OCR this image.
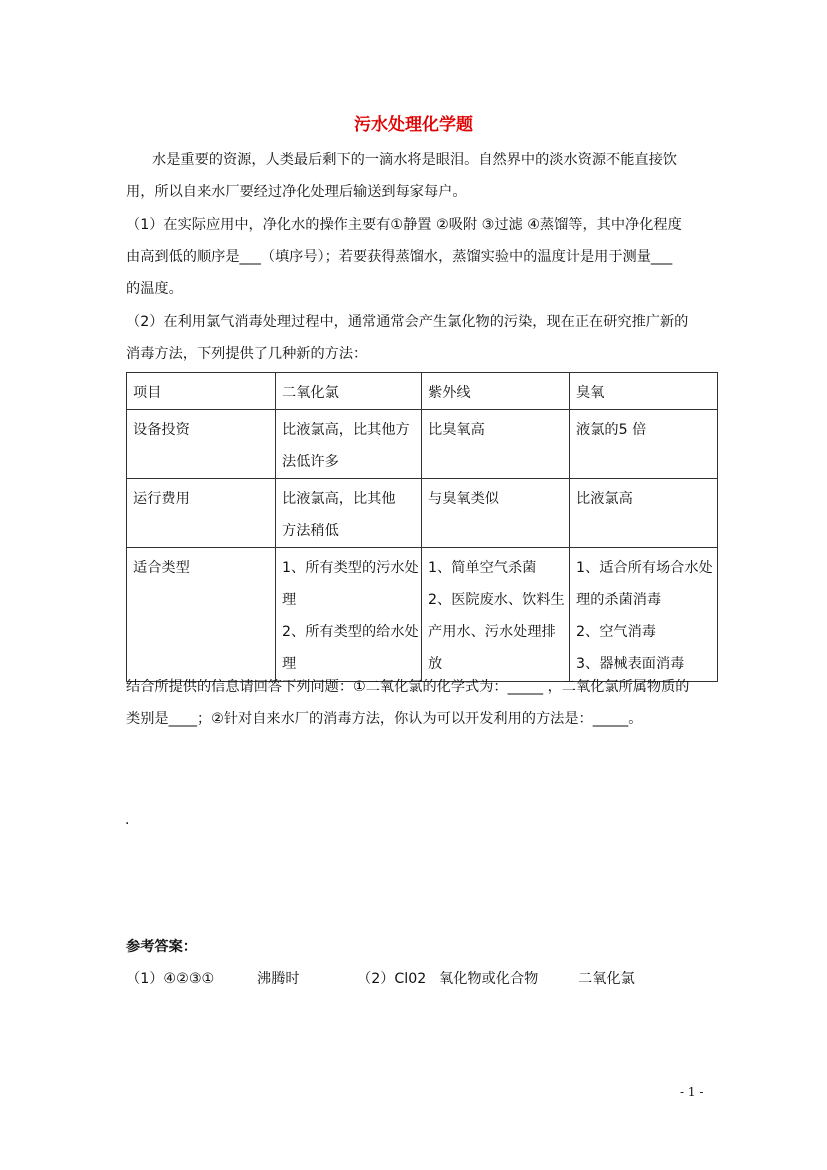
污水处理化学题
水是重要的资源，人类最后剩下的一滴水将是眼泪。自然界中的淡水资源不能直接饮
用，所以自来水厂要经过净化处理后输送到每家每户。
（1）在实际应用中，净化水的操作主要有①静置 ②吸附 ③过滤 ④蒸馏等，其中净化程度
由高到低的顺序是___（填序号）；若要获得蒸馏水，蒸馏实验中的温度计是用于测量___
的温度。
（2）在利用氯气消毒处理过程中，通常通常会产生氯化物的污染，现在正在研究推广新的
消毒方法，下列提供了几种新的方法：
项目	二氧化氯	紫外线	臭氧
设备投资	比液氯高，比其他方
法低许多	比臭氧高	液氯的5 倍

运行费用	比液氯高，比其他
方法稍低	与臭氧类似	比液氯高

适合类型	1、所有类型的污水处
理
2、所有类型的给水处
理	1、简单空气杀菌
2、医院废水、饮料生
产用水、污水处理排
放	1、适合所有场合水处
理的杀菌消毒
2、空气消毒
3、器械表面消毒
结合所提供的信息请回答下列问题：①二氧化氯的化学式为：_____ ，二氧化氯所属物质的
类别是____；②针对自来水厂的消毒方法，你认为可以开发利用的方法是：_____。
.
参考答案：
（1）④②③①	沸腾时	（2）Cl02 氧化物或化合物	二氧化氯
- 1 -
